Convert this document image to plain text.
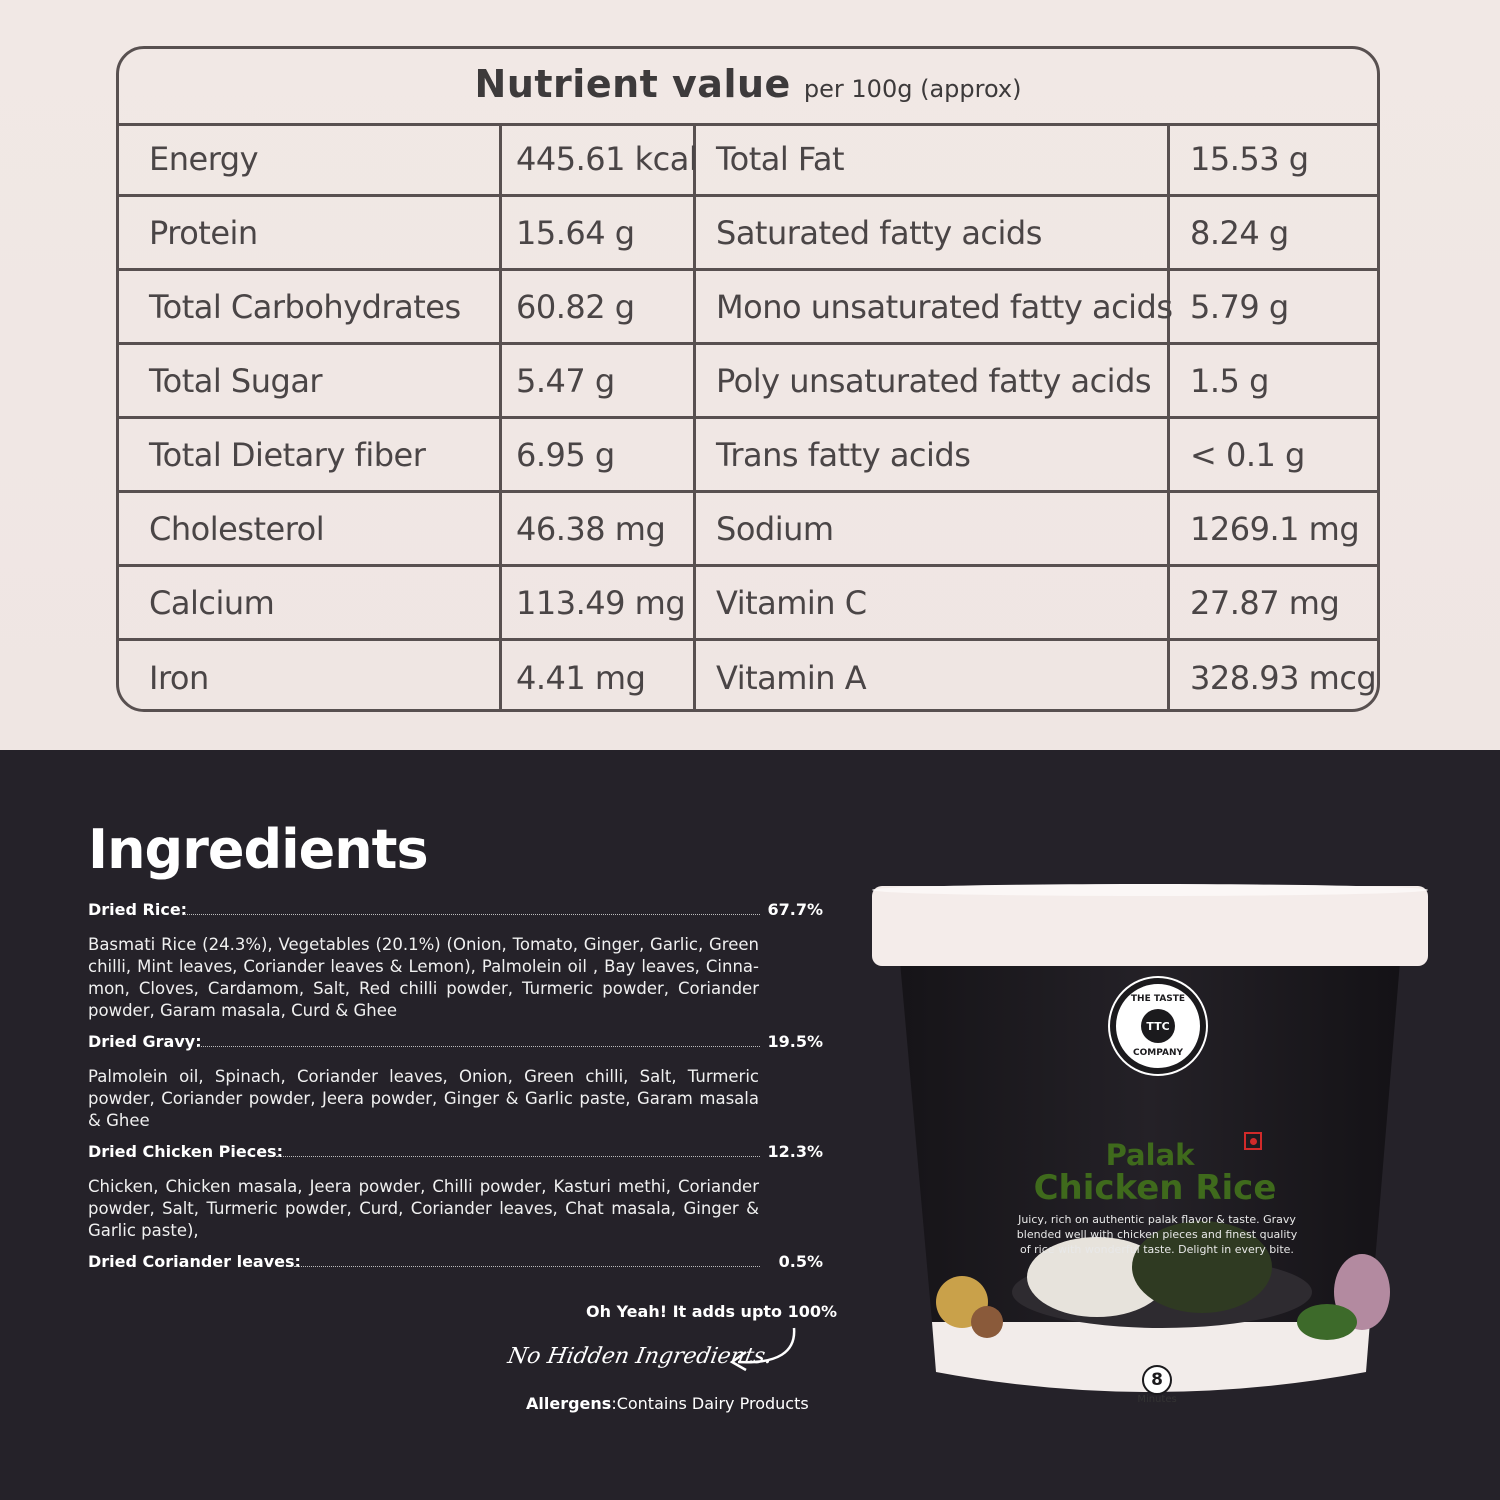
Nutrient value per 100g (approx)
Energy	445.61 kcal Total Fat	15.53 g
Protein	15.64 g	Saturated fatty acids	8.24 g
Total Carbohydrates	60.82 g	Mono unsaturated fatty acids 5.79 g
Total Sugar	5.47 g	Poly unsaturated fatty acids	1.5 g
Total Dietary fiber	6.95 g	Trans fatty acids	< 0.1 g
Cholesterol	46.38 mg	Sodium	1269.1 mg
Calcium	113.49 mg Vitamin C	27.87 mg
Iron	4.41 mg	Vitamin A	328.93 mcg
Ingredients
Dried Rice:	67.7%
Basmati Rice (24.3%), Vegetables (20.1%) (Onion, Tomato, Ginger, Garlic, Green chilli, Mint leaves, Coriander leaves & Lemon), Palmolein oil , Bay leaves, Cinna-mon, Cloves, Cardamom, Salt, Red chilli powder, Turmeric powder, Coriander powder, Garam masala, Curd & Ghee
Dried Gravy:	19.5%
Palmolein oil, Spinach, Coriander leaves, Onion, Green chilli, Salt, Turmeric powder, Coriander powder, Jeera powder, Ginger & Garlic paste, Garam masala & Ghee
Dried Chicken Pieces:	12.3%
Chicken, Chicken masala, Jeera powder, Chilli powder, Kasturi methi, Coriander powder, Salt, Turmeric powder, Curd, Coriander leaves, Chat masala, Ginger & Garlic paste),
Dried Coriander leaves:	0.5%
Oh Yeah! It adds upto 100%
No Hidden Ingredients.
Allergens:Contains Dairy Products
TTC
THE TASTE
COMPANY
Palak
Chicken Rice
Juicy, rich on authentic palak flavor & taste. Gravy blended well with chicken pieces and finest quality of rice with wonderful taste. Delight in every bite.
8
Minutes
